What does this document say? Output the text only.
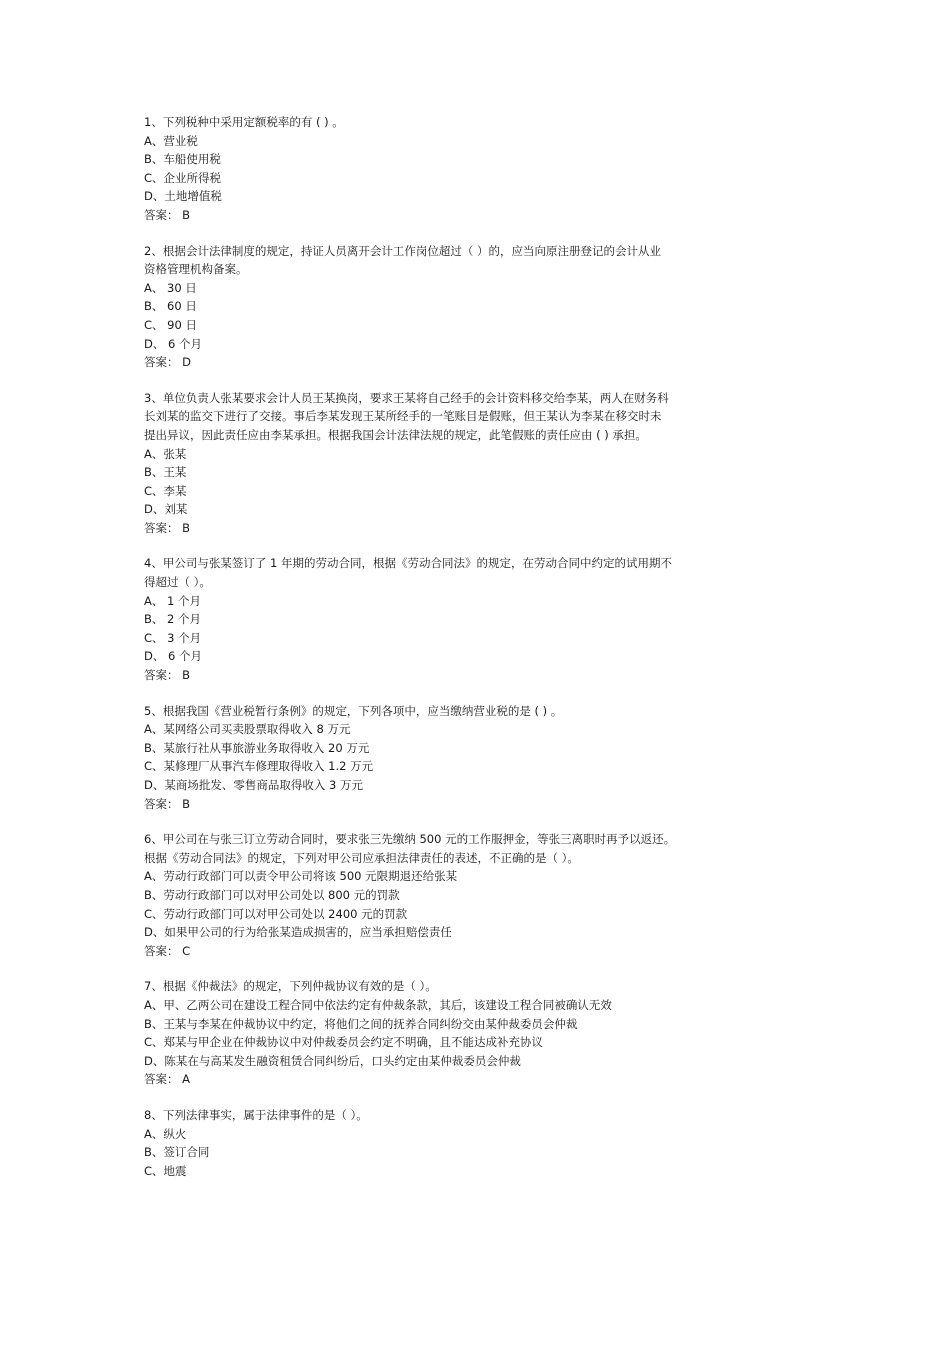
1、下列税种中采用定额税率的有 ( ) 。
A、营业税
B、车船使用税
C、企业所得税
D、土地增值税
答案： B
2、根据会计法律制度的规定，持证人员离开会计工作岗位超过（ ）的，应当向原注册登记的会计从业
资格管理机构备案。
A、 30 日
B、 60 日
C、 90 日
D、 6 个月
答案： D
3、单位负责人张某要求会计人员王某换岗，要求王某将自己经手的会计资料移交给李某，两人在财务科
长刘某的监交下进行了交接。事后李某发现王某所经手的一笔账目是假账，但王某认为李某在移交时未
提出异议，因此责任应由李某承担。根据我国会计法律法规的规定，此笔假账的责任应由 ( ) 承担。
A、张某
B、王某
C、李某
D、刘某
答案： B
4、甲公司与张某签订了 1 年期的劳动合同，根据《劳动合同法》的规定，在劳动合同中约定的试用期不
得超过（ ）。
A、 1 个月
B、 2 个月
C、 3 个月
D、 6 个月
答案： B
5、根据我国《营业税暂行条例》的规定，下列各项中，应当缴纳营业税的是 ( ) 。
A、某网络公司买卖股票取得收入 8 万元
B、某旅行社从事旅游业务取得收入 20 万元
C、某修理厂从事汽车修理取得收入 1.2 万元
D、某商场批发、零售商品取得收入 3 万元
答案： B
6、甲公司在与张三订立劳动合同时，要求张三先缴纳 500 元的工作服押金，等张三离职时再予以返还。
根据《劳动合同法》的规定，下列对甲公司应承担法律责任的表述，不正确的是（ ）。
A、劳动行政部门可以责令甲公司将该 500 元限期退还给张某
B、劳动行政部门可以对甲公司处以 800 元的罚款
C、劳动行政部门可以对甲公司处以 2400 元的罚款
D、如果甲公司的行为给张某造成损害的，应当承担赔偿责任
答案： C
7、根据《仲裁法》的规定，下列仲裁协议有效的是（ ）。
A、甲、乙两公司在建设工程合同中依法约定有仲裁条款，其后，该建设工程合同被确认无效
B、王某与李某在仲裁协议中约定，将他们之间的抚养合同纠纷交由某仲裁委员会仲裁
C、郑某与甲企业在仲裁协议中对仲裁委员会约定不明确，且不能达成补充协议
D、陈某在与高某发生融资租赁合同纠纷后，口头约定由某仲裁委员会仲裁
答案： A
8、下列法律事实，属于法律事件的是（ ）。
A、纵火
B、签订合同
C、地震
